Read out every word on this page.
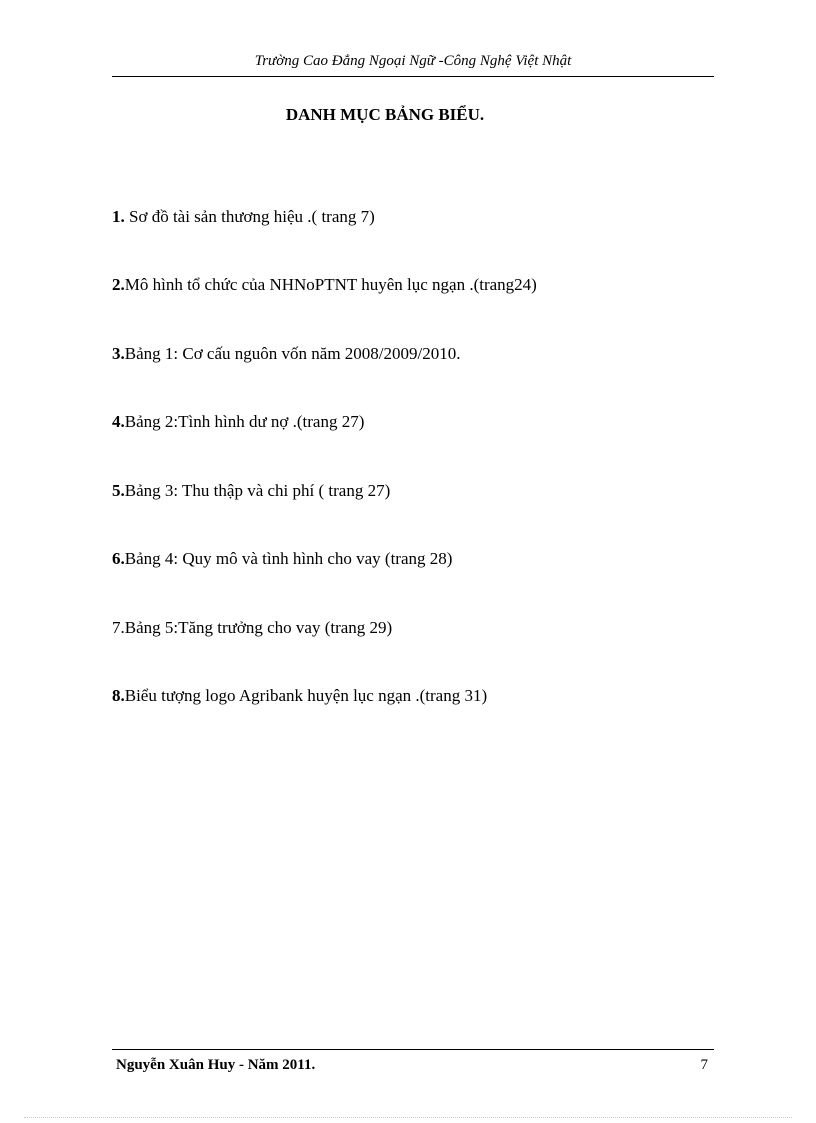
Trường Cao Đẳng Ngoại Ngữ -Công Nghệ Việt Nhật
DANH MỤC BẢNG BIỂU.
1. Sơ đồ tài sản thương hiệu .( trang 7)
2.Mô hình tổ chức của NHNoPTNT huyên lục ngạn .(trang24)
3.Bảng 1: Cơ cấu nguôn vốn năm 2008/2009/2010.
4.Bảng 2:Tình hình dư nợ .(trang 27)
5.Bảng 3: Thu thập và chi phí ( trang 27)
6.Bảng 4: Quy mô và tình hình cho vay (trang 28)
7.Bảng 5:Tăng trưởng cho vay (trang 29)
8.Biểu tượng logo Agribank huyện lục ngạn .(trang 31)
Nguyễn Xuân Huy - Năm 2011.	7
